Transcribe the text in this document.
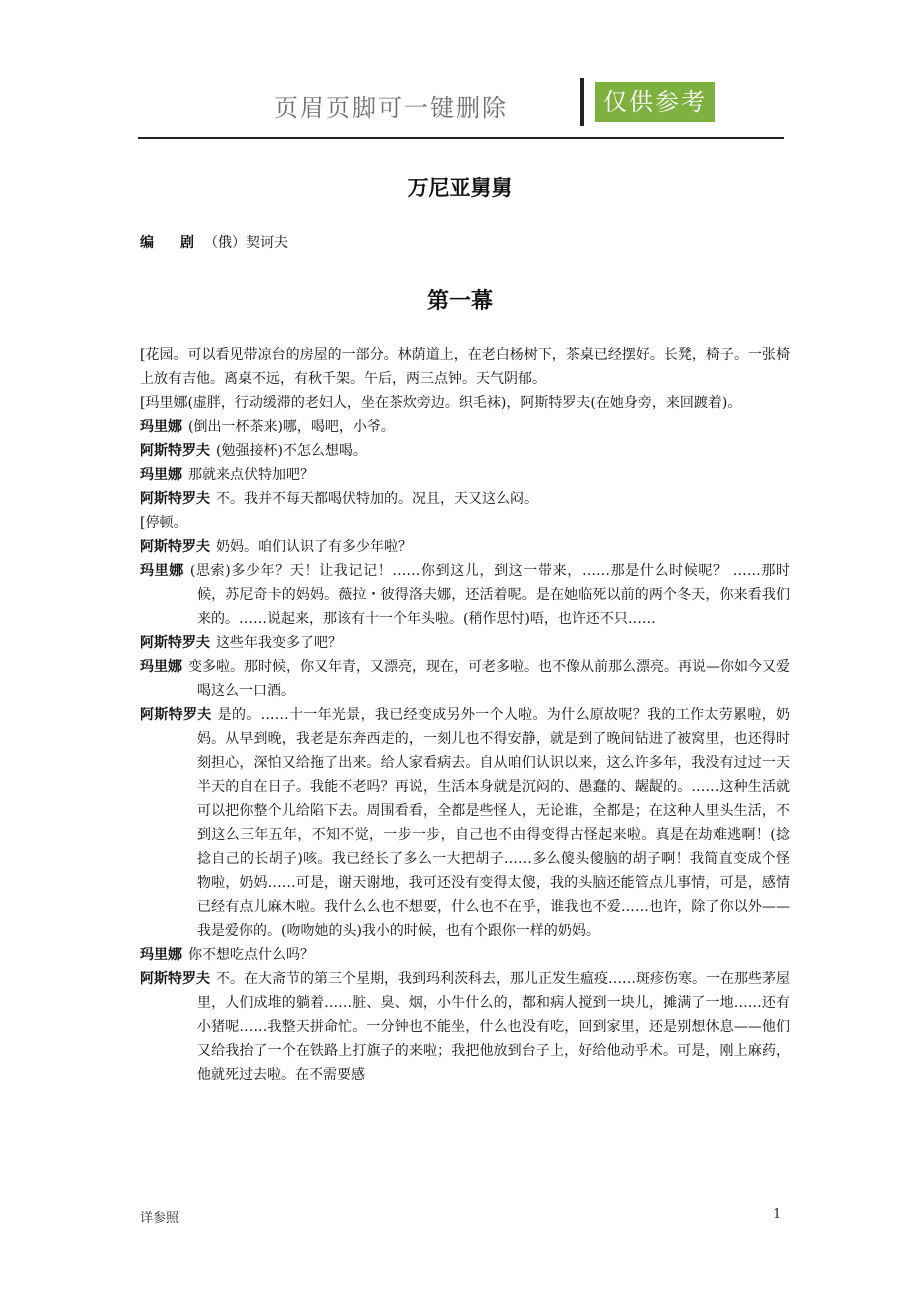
页眉页脚可一键删除	仅供参考
万尼亚舅舅
编　剧 （俄）契诃夫
第一幕

[花园。可以看见带凉台的房屋的一部分。林荫道上，在老白杨树下，茶桌已经摆好。长凳，椅子。一张椅上放有吉他。离桌不远，有秋千架。午后，两三点钟。天气阴郁。

[玛里娜(虚胖，行动缓滞的老妇人，坐在茶炊旁边。织毛袜)，阿斯特罗夫(在她身旁，来回踱着)。

玛里娜 (倒出一杯茶来)哪，喝吧，小爷。

阿斯特罗夫 (勉强接杯)不怎么想喝。

玛里娜 那就来点伏特加吧？

阿斯特罗夫 不。我并不每天都喝伏特加的。况且，天又这么闷。

[停顿。

阿斯特罗夫 奶妈。咱们认识了有多少年啦？

玛里娜 (思索)多少年？天！让我记记！……你到这儿，到这一带来，……那是什么时候呢？ ……那时候，苏尼奇卡的妈妈。薇拉・彼得洛夫娜，还活着呢。是在她临死以前的两个冬天，你来看我们来的。……说起来，那该有十一个年头啦。(稍作思忖)唔，也许还不只……

阿斯特罗夫 这些年我变多了吧？

玛里娜 变多啦。那时候，你又年青，又漂亮，现在，可老多啦。也不像从前那么漂亮。再说—你如今又爱喝这么一口酒。

阿斯特罗夫 是的。……十一年光景，我已经变成另外一个人啦。为什么原故呢？我的工作太劳累啦，奶妈。从早到晚，我老是东奔西走的，一刻儿也不得安静，就是到了晚间钻进了被窝里，也还得时刻担心，深怕又给拖了出来。给人家看病去。自从咱们认识以来，这么许多年，我没有过过一天半天的自在日子。我能不老吗？再说，生活本身就是沉闷的、愚蠢的、龌龊的。……这种生活就可以把你整个儿给陷下去。周围看看，全都是些怪人，无论谁，全都是；在这种人里头生活，不到这么三年五年，不知不觉，一步一步，自己也不由得变得古怪起来啦。真是在劫难逃啊！(捻捻自己的长胡子)咳。我已经长了多么一大把胡子……多么傻头傻脑的胡子啊！我简直变成个怪物啦，奶妈……可是，谢天谢地，我可还没有变得太傻，我的头脑还能管点儿事情，可是，感情已经有点儿麻木啦。我什么么也不想要，什么也不在乎，谁我也不爱……也许，除了你以外——我是爱你的。(吻吻她的头)我小的时候，也有个跟你一样的奶妈。

玛里娜 你不想吃点什么吗？

阿斯特罗夫 不。在大斋节的第三个星期，我到玛利茨科去，那儿正发生瘟疫……斑疹伤寒。一在那些茅屋里，人们成堆的躺着……脏、臭、烟，小牛什么的，都和病人搅到一块儿，摊满了一地……还有小猪呢……我整天拼命忙。一分钟也不能坐，什么也没有吃，回到家里，还是别想休息——他们又给我抬了一个在铁路上打旗子的来啦；我把他放到台子上，好给他动乎术。可是，刚上麻药，他就死过去啦。在不需要感

详参照	1
